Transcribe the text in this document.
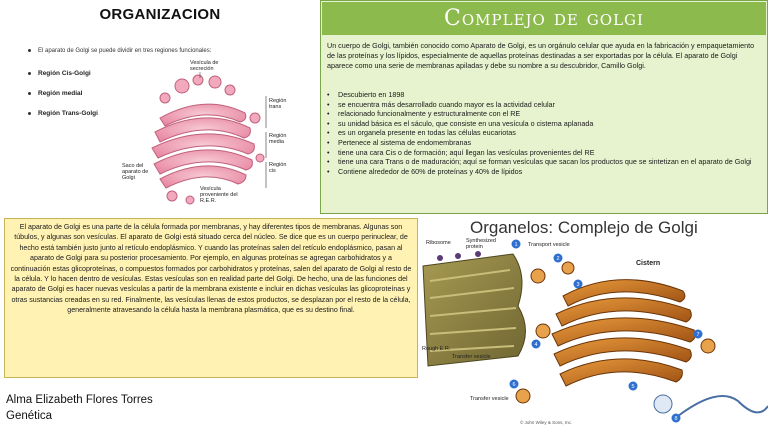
ORGANIZACION
El aparato de Golgi se puede dividir en tres regiones funcionales:
Región Cis-Golgi
Región medial
Región Trans-Golgi
Vesícula de secreción
Región trans
Región media
Región cis
Saco del aparato de Golgi
Vesícula proveniente del R.E.R.
Complejo de golgi
Un cuerpo de Golgi, también conocido como Aparato de Golgi, es un orgánulo celular que ayuda en la fabricación y empaquetamiento de las proteínas y los lípidos, especialmente de aquellas proteínas destinadas a ser exportadas por la célula. El aparato de Golgi aparece como una serie de membranas apiladas y debe su nombre a su descubridor, Camillo Golgi.
• Descubierto en 1898
• se encuentra más desarrollado cuando mayor es la actividad celular
• relacionado funcionalmente y estructuralmente con el RE
• su unidad básica es el sáculo, que consiste en una vesícula o cisterna aplanada
• es un organela presente en todas las células eucariotas
• Pertenece al sistema de endomembranas
• tiene una cara Cis o de formación; aquí llegan las vesículas provenientes del RE
• tiene una cara Trans o de maduración; aquí se forman vesículas que sacan los productos que se sintetizan en el aparato de Golgi
• Contiene alrededor de 60% de proteínas y 40% de lípidos
El aparato de Golgi es una parte de la célula formada por membranas, y hay diferentes tipos de membranas. Algunas son túbulos, y algunas son vesículas. El aparato de Golgi está situado cerca del núcleo. Se dice que es un cuerpo perinuclear, de hecho está también justo junto al retículo endoplásmico. Y cuando las proteínas salen del retículo endoplásmico, pasan al aparato de Golgi para su posterior procesamiento. Por ejemplo, en algunas proteínas se agregan carbohidratos y a continuación estas glicoproteínas, o compuestos formados por carbohidratos y proteínas, salen del aparato de Golgi al resto de la célula. Y lo hacen dentro de vesículas. Estas vesículas son en realidad parte del Golgi. De hecho, una de las funciones del aparato de Golgi es hacer nuevas vesículas a partir de la membrana existente e incluir en dichas vesículas las glicoproteínas y otras sustancias creadas en su red. Finalmente, las vesículas llenas de estos productos, se desplazan por el resto de la célula, generalmente atravesando la célula hasta la membrana plasmática, que es su destino final.
Alma Elizabeth Flores Torres
Genética
Organelos: Complejo de Golgi
1
2
3
4
5
6
7
8
Ribosome	Synthesized protein	Transport vesicle
Cistern
Rough E.R.
Transfer vesicle
Transfer vesicle
© John Wiley & Sons, Inc.
